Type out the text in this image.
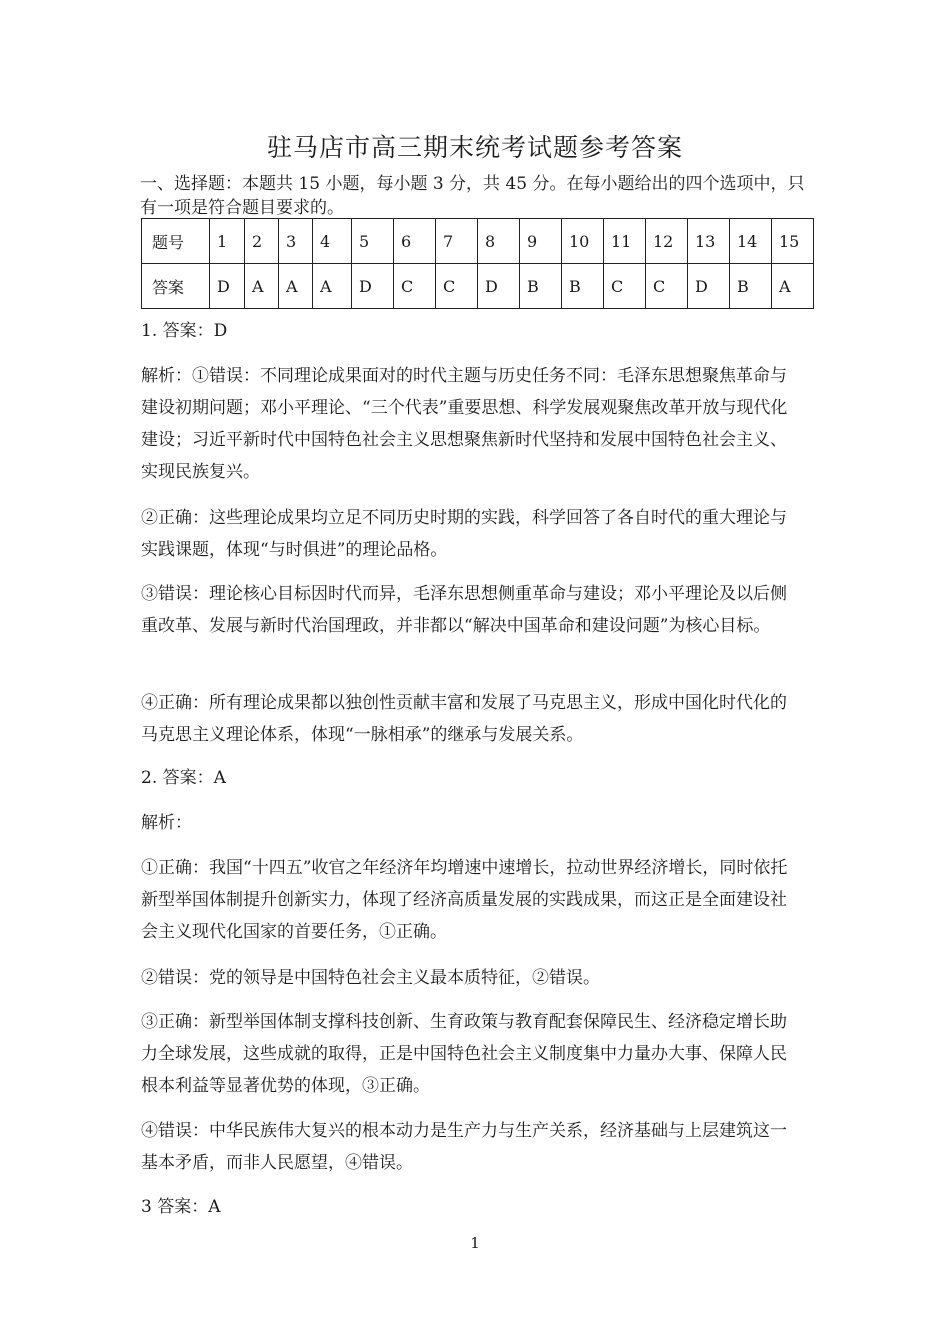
驻马店市高三期末统考试题参考答案
一、选择题：本题共 15 小题，每小题 3 分，共 45 分。在每小题给出的四个选项中，只有一项是符合题目要求的。
题号	1	2	3	4	5	6	7	8	9	10	11	12	13	14	15
答案	D	A	A	A	D	C	C	D	B	B	C	C	D	B	A
1. 答案：D
解析：①错误：不同理论成果面对的时代主题与历史任务不同：毛泽东思想聚焦革命与建设初期问题；邓小平理论、“三个代表”重要思想、科学发展观聚焦改革开放与现代化建设；习近平新时代中国特色社会主义思想聚焦新时代坚持和发展中国特色社会主义、实现民族复兴。
②正确：这些理论成果均立足不同历史时期的实践，科学回答了各自时代的重大理论与实践课题，体现“与时俱进”的理论品格。
③错误：理论核心目标因时代而异，毛泽东思想侧重革命与建设；邓小平理论及以后侧重改革、发展与新时代治国理政，并非都以“解决中国革命和建设问题”为核心目标。
④正确：所有理论成果都以独创性贡献丰富和发展了马克思主义，形成中国化时代化的马克思主义理论体系，体现“一脉相承”的继承与发展关系。
2. 答案：A
解析：
①正确：我国“十四五”收官之年经济年均增速中速增长，拉动世界经济增长，同时依托新型举国体制提升创新实力，体现了经济高质量发展的实践成果，而这正是全面建设社会主义现代化国家的首要任务，①正确。
②错误：党的领导是中国特色社会主义最本质特征，②错误。
③正确：新型举国体制支撑科技创新、生育政策与教育配套保障民生、经济稳定增长助力全球发展，这些成就的取得，正是中国特色社会主义制度集中力量办大事、保障人民根本利益等显著优势的体现，③正确。
④错误：中华民族伟大复兴的根本动力是生产力与生产关系，经济基础与上层建筑这一基本矛盾，而非人民愿望，④错误。
3 答案：A
1
